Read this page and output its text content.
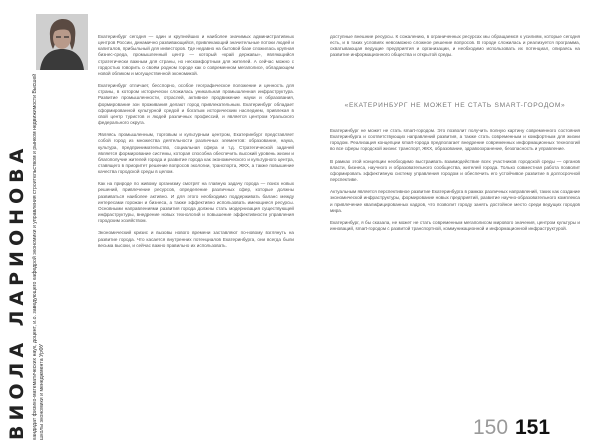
ВИОЛА ЛАРИОНОВА кандидат физико-математических наук, доцент, и.о. заведующего кафедрой экономики и управления строительством и рынком недвижимости Высшей школы экономики и менеджмента УрФУ

Екатеринбург сегодня — один и крупнейших и наиболее значимых административных центров России, динамично развивающийся, привлекающий значительные потоки людей и капиталов, прибыльный для инвесторов. Где недавно на бытовой базе сложилась крупная бизнес-среда, промышленный центр — который «край державы», являющийся стратегически важным для страны, но нескомфортным для жителей. А сейчас можно с гордостью говорить о своём родном городе как о современном мегаполисе, обладающем новой обликом и могущественной экономикой.

Екатеринбург отличает, бесспорно, особое географическое положение и ценность для страны, в котором исторически сложилась уникальная промышленная инфраструктура. Развитие промышленности, отраслей, активное продвижение науки и образования, формирование зон проживания делают город привлекательным. Екатеринбург обладает сформированной культурной средой и богатым историческим наследием, привлекая в свой центр туристов и людей различных профессий, и является центром Уральского федерального округа.

Являясь промышленным, торговым и культурным центром, Екатеринбург представляет собой город из множества деятельности различных элементов: образование, наука, культура, предпринимательство, социальная сфера и т.д. Стратегической задачей является формирование системы, которая способна обеспечить высокий уровень жизни и благополучие жителей города и развитие города как экономического и культурного центра, ставящего в приоритет решение вопросов экологии, транспорта, ЖКХ, а также повышение качества городской среды в целом.

Как на природе по живому организму смотрят на главную задачу города — поиск новых решений, привлечение ресурсов, определение различных сфер, которые должны развиваться наиболее активно. И для этого необходимо поддерживать баланс между интересами горожан и бизнеса, а также эффективно использовать имеющиеся ресурсы. Основными направлениями развития города должны стать модернизация существующей инфраструктуры, внедрение новых технологий и повышение эффективности управления городским хозяйством.

Экономический кризис и вызовы нового времени заставляют по-новому взглянуть на развитие города. Что касается внутренних потенциалов Екатеринбурга, они всегда были весьма высоки, и сейчас важно правильно их использовать.

доступные внешние ресурсы. К сожалению, в ограниченных ресурсах мы обращаемся к усилиям, которые сегодня есть, и в таких условиях невозможно сложное решение вопросов. В городе сложилась и реализуется программа, охватывающая ведущие предприятия и организации, и необходимо использовать их потенциал, опираясь на развитие информационного общества и открытой среды.

«ЕКАТЕРИНБУРГ НЕ МОЖЕТ НЕ СТАТЬ SMART-ГОРОДОМ»

Екатеринбург не может не стать smart-городом. Это позволит получить полную картину современного состояния Екатеринбурга и соответствующих направлений развития, а также стать современным и комфортным для жизни городом. Реализация концепции smart-города предполагает внедрение современных информационных технологий во все сферы городской жизни: транспорт, ЖКХ, образование, здравоохранение, безопасность и управление.

В рамках этой концепции необходимо выстраивать взаимодействие всех участников городской среды — органов власти, бизнеса, научного и образовательного сообщества, жителей города. Только совместная работа позволит сформировать эффективную систему управления городом и обеспечить его устойчивое развитие в долгосрочной перспективе.

Актуальным является перспективное развитие Екатеринбурга в рамках различных направлений, таких как создание экономической инфраструктуры, формирование новых предприятий, развитие научно-образовательного комплекса и привлечение квалифицированных кадров, что позволит городу занять достойное место среди ведущих городов мира.

Екатеринбург, я бы сказала, не может не стать современным мегаполисом мирового значения, центром культуры и инноваций, smart-городом с развитой транспортной, коммуникационной и информационной инфраструктурой.

150 151
